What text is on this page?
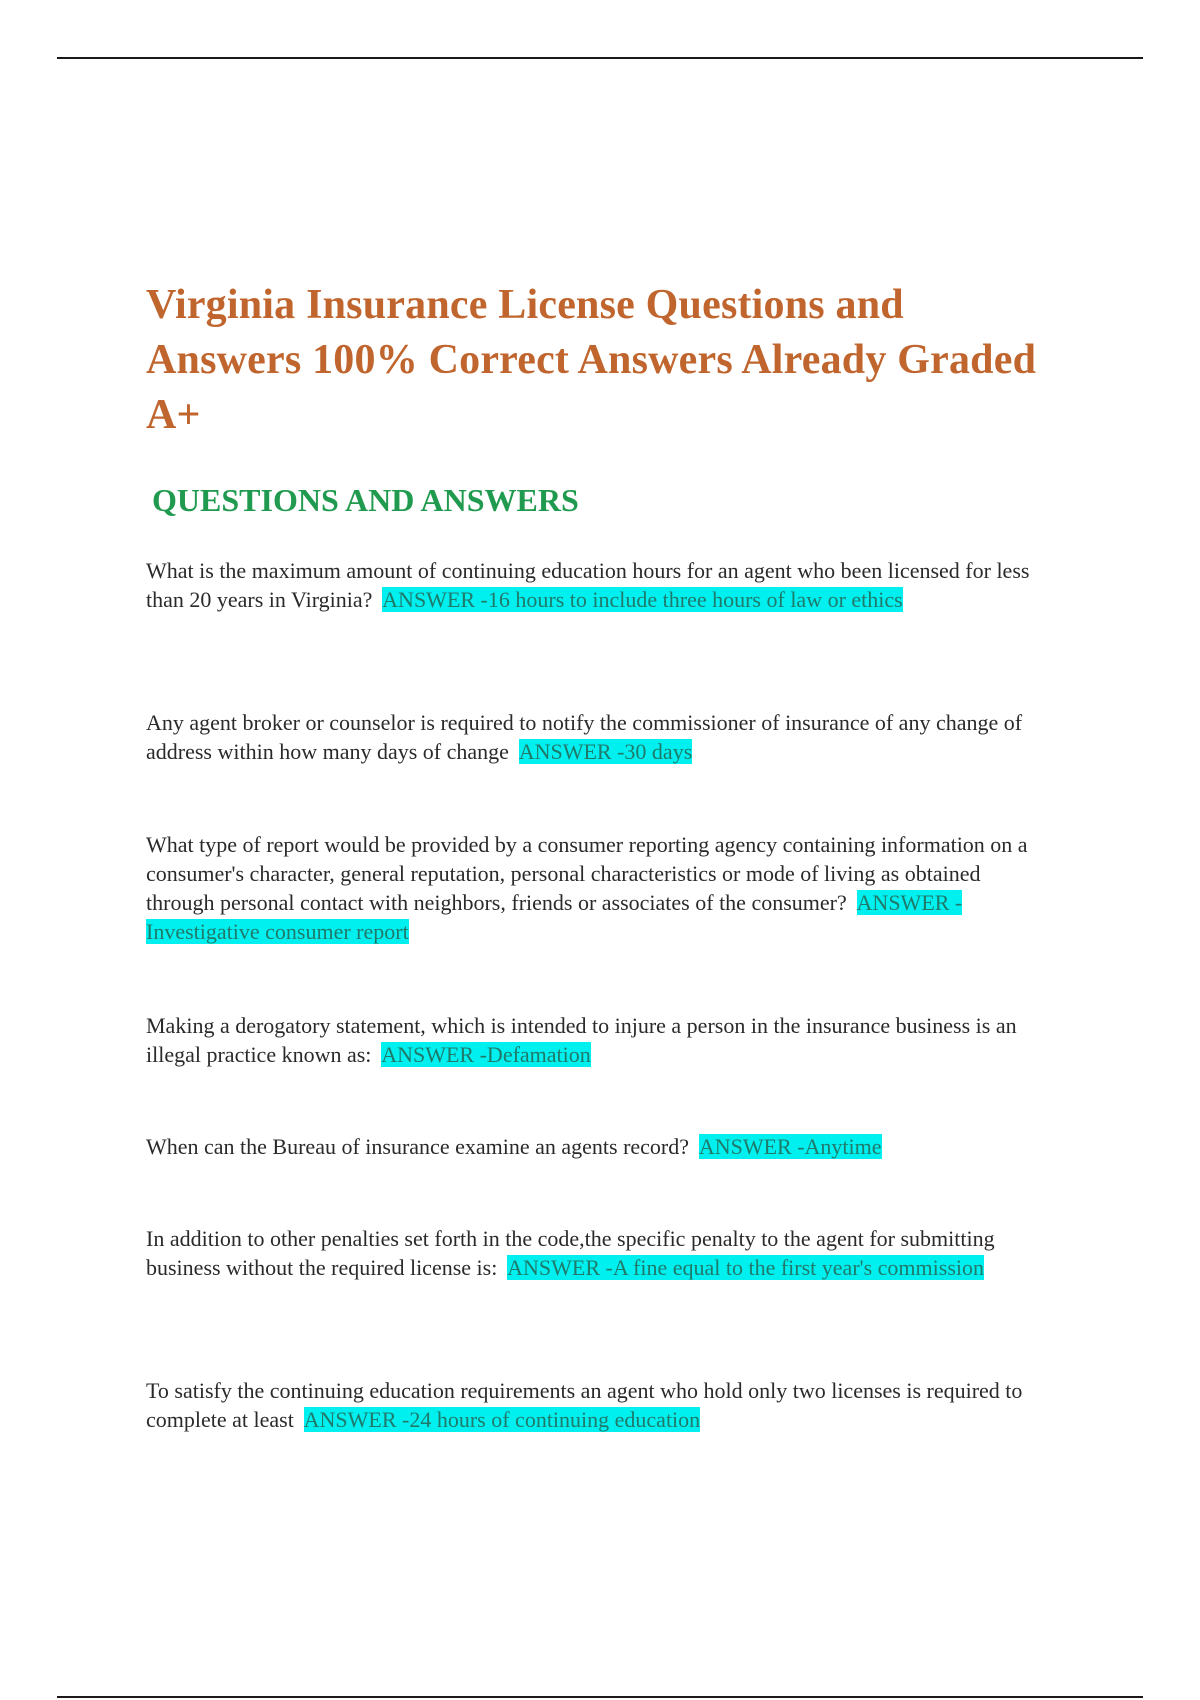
Virginia Insurance License Questions and Answers 100% Correct Answers Already Graded A+
QUESTIONS AND ANSWERS

What is the maximum amount of continuing education hours for an agent who been licensed for less than 20 years in Virginia? ANSWER -16 hours to include three hours of law or ethics

Any agent broker or counselor is required to notify the commissioner of insurance of any change of address within how many days of change ANSWER -30 days

What type of report would be provided by a consumer reporting agency containing information on a consumer's character, general reputation, personal characteristics or mode of living as obtained through personal contact with neighbors, friends or associates of the consumer? ANSWER -Investigative consumer report

Making a derogatory statement, which is intended to injure a person in the insurance business is an illegal practice known as: ANSWER -Defamation

When can the Bureau of insurance examine an agents record? ANSWER -Anytime

In addition to other penalties set forth in the code,the specific penalty to the agent for submitting business without the required license is: ANSWER -A fine equal to the first year's commission

To satisfy the continuing education requirements an agent who hold only two licenses is required to complete at least ANSWER -24 hours of continuing education
